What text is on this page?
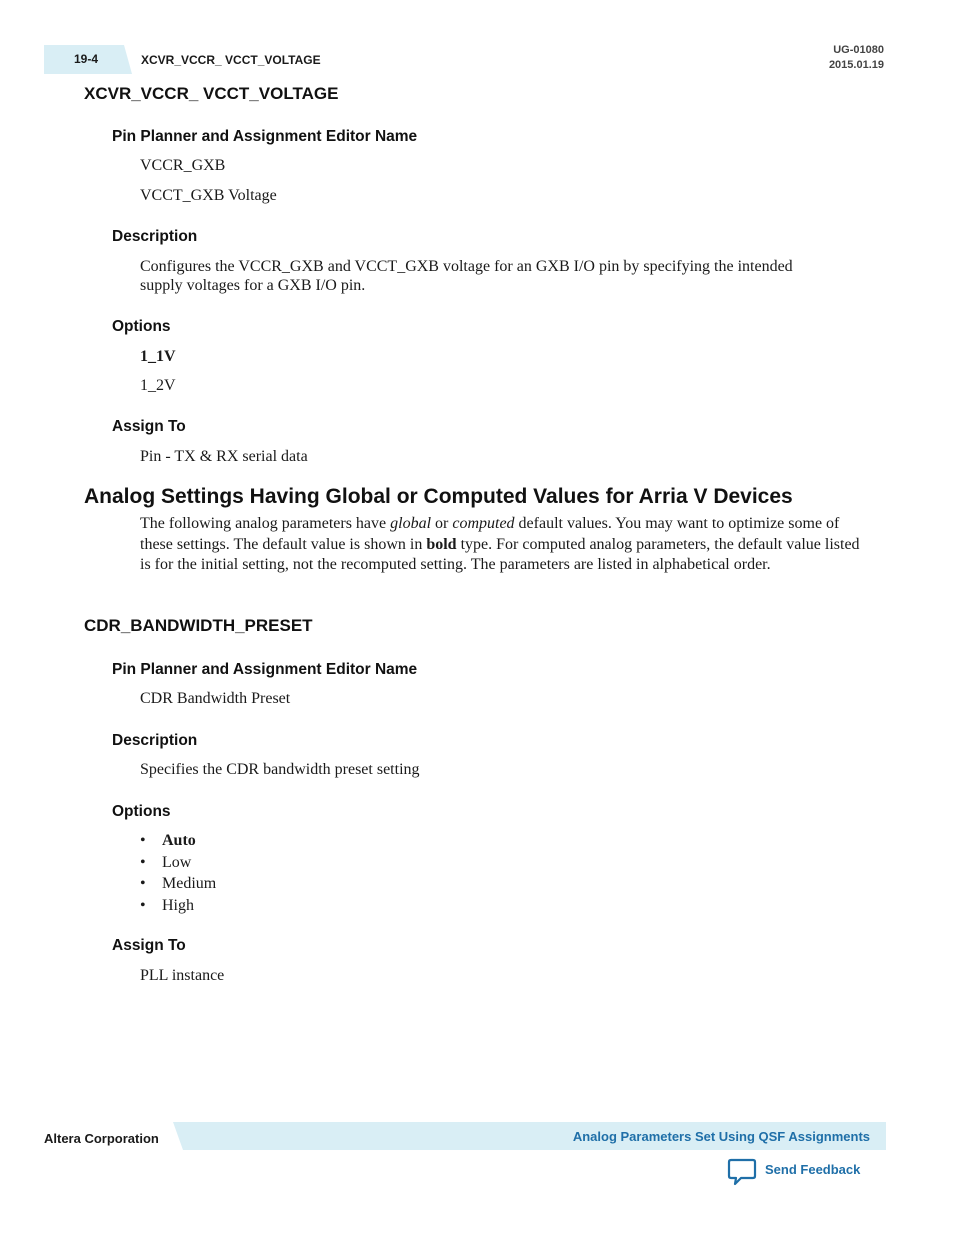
19-4	XCVR_VCCR_ VCCT_VOLTAGE
UG-01080
2015.01.19
XCVR_VCCR_ VCCT_VOLTAGE
Pin Planner and Assignment Editor Name

VCCR_GXB

VCCT_GXB Voltage

Description

Configures the VCCR_GXB and VCCT_GXB voltage for an GXB I/O pin by specifying the intended

supply voltages for a GXB I/O pin.

Options

1_1V

1_2V

Assign To

Pin - TX & RX serial data

Analog Settings Having Global or Computed Values for Arria V Devices

The following analog parameters have global or computed default values. You may want to optimize some of these settings. The default value is shown in bold type. For computed analog parameters, the default value listed is for the initial setting, not the recomputed setting. The parameters are listed in alphabetical order.

CDR_BANDWIDTH_PRESET
Pin Planner and Assignment Editor Name

CDR Bandwidth Preset

Description

Specifies the CDR bandwidth preset setting

Options
• Auto
• Low
• Medium
• High
Assign To

PLL instance

Altera Corporation	Analog Parameters Set Using QSF Assignments
Send Feedback
